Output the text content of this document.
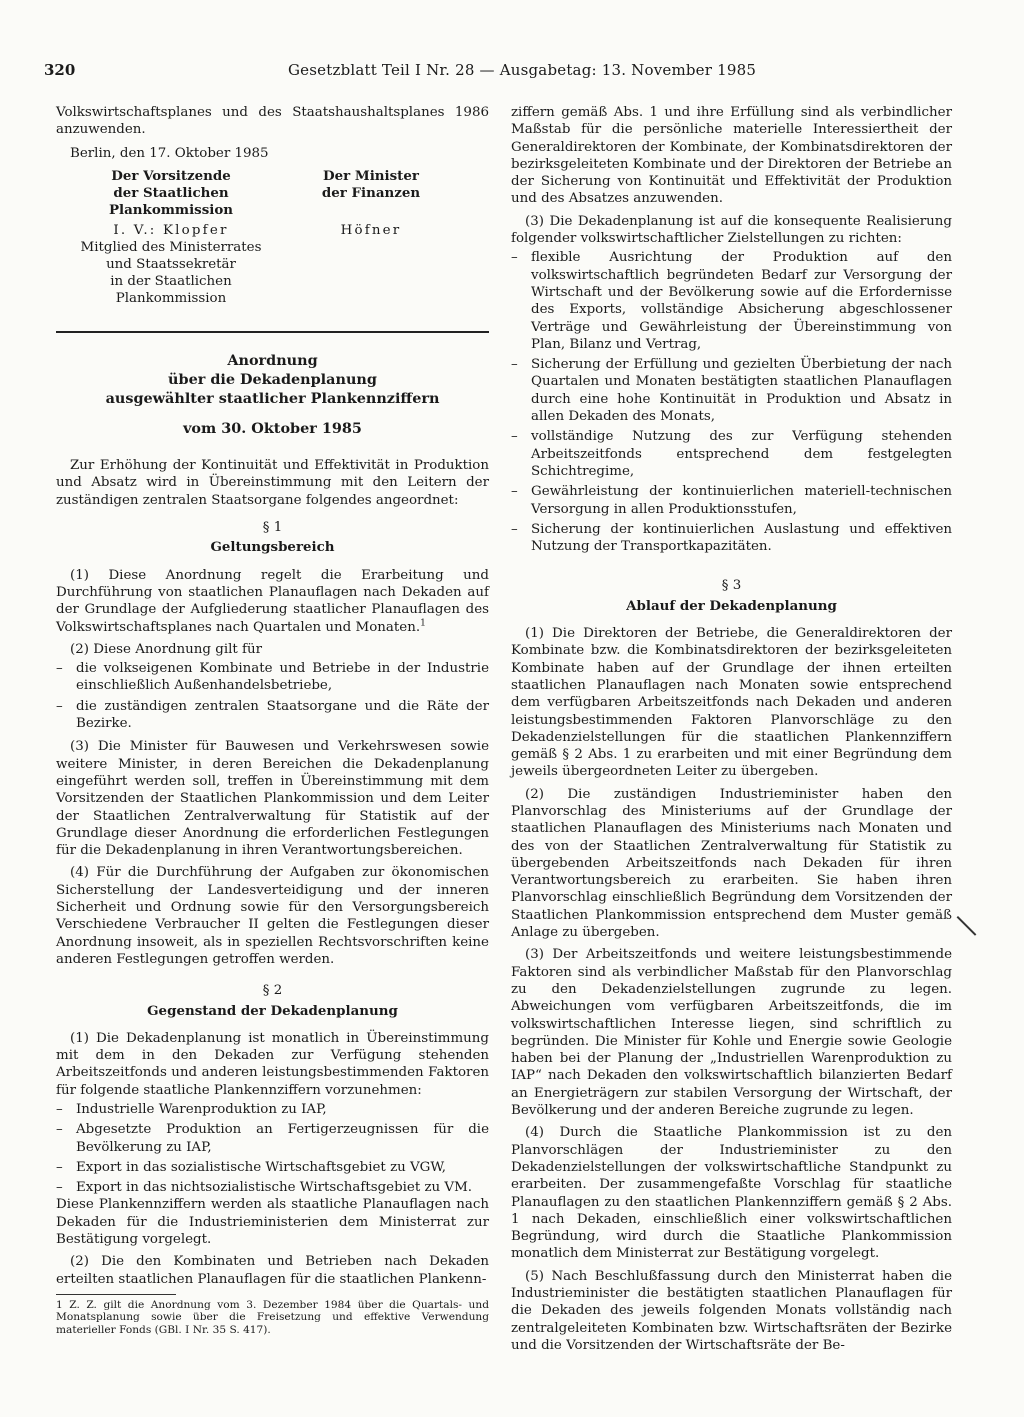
320	Gesetzblatt Teil I Nr. 28 — Ausgabetag: 13. November 1985

Volkswirtschaftsplanes und des Staatshaushaltsplanes 1986 anzuwenden.

Berlin, den 17. Oktober 1985

Der Vorsitzende
der Staatlichen
Plankommission
I. V.: Klopfer
Mitglied des Ministerrates
und Staatssekretär
in der Staatlichen
Plankommission
Der Minister
der Finanzen
Höfner
Anordnung
über die Dekadenplanung
ausgewählter staatlicher Plankennziffern
vom 30. Oktober 1985

Zur Erhöhung der Kontinuität und Effektivität in Produktion und Absatz wird in Übereinstimmung mit den Leitern der zuständigen zentralen Staatsorgane folgendes angeordnet:

§ 1
Geltungsbereich

(1) Diese Anordnung regelt die Erarbeitung und Durchführung von staatlichen Planauflagen nach Dekaden auf der Grundlage der Aufgliederung staatlicher Planauflagen des Volkswirtschaftsplanes nach Quartalen und Monaten.$^1$

(2) Diese Anordnung gilt für

– die volkseigenen Kombinate und Betriebe in der Industrie einschließlich Außenhandelsbetriebe,
– die zuständigen zentralen Staatsorgane und die Räte der Bezirke.

(3) Die Minister für Bauwesen und Verkehrswesen sowie weitere Minister, in deren Bereichen die Dekadenplanung eingeführt werden soll, treffen in Übereinstimmung mit dem Vorsitzenden der Staatlichen Plankommission und dem Leiter der Staatlichen Zentralverwaltung für Statistik auf der Grundlage dieser Anordnung die erforderlichen Festlegungen für die Dekadenplanung in ihren Verantwortungsbereichen.

(4) Für die Durchführung der Aufgaben zur ökonomischen Sicherstellung der Landesverteidigung und der inneren Sicherheit und Ordnung sowie für den Versorgungsbereich Verschiedene Verbraucher II gelten die Festlegungen dieser Anordnung insoweit, als in speziellen Rechtsvorschriften keine anderen Festlegungen getroffen werden.

§ 2
Gegenstand der Dekadenplanung

(1) Die Dekadenplanung ist monatlich in Übereinstimmung mit dem in den Dekaden zur Verfügung stehenden Arbeitszeitfonds und anderen leistungsbestimmenden Faktoren für folgende staatliche Plankennziffern vorzunehmen:

– Industrielle Warenproduktion zu IAP,
– Abgesetzte Produktion an Fertigerzeugnissen für die Bevölkerung zu IAP,
– Export in das sozialistische Wirtschaftsgebiet zu VGW,
– Export in das nichtsozialistische Wirtschaftsgebiet zu VM.

Diese Plankennziffern werden als staatliche Planauflagen nach Dekaden für die Industrieministerien dem Ministerrat zur Bestätigung vorgelegt.

(2) Die den Kombinaten und Betrieben nach Dekaden erteilten staatlichen Planauflagen für die staatlichen Plankenn-

1 Z. Z. gilt die Anordnung vom 3. Dezember 1984 über die Quartals- und Monatsplanung sowie über die Freisetzung und effektive Verwendung materieller Fonds (GBl. I Nr. 35 S. 417).

ziffern gemäß Abs. 1 und ihre Erfüllung sind als verbindlicher Maßstab für die persönliche materielle Interessiertheit der Generaldirektoren der Kombinate, der Kombinatsdirektoren der bezirksgeleiteten Kombinate und der Direktoren der Betriebe an der Sicherung von Kontinuität und Effektivität der Produktion und des Absatzes anzuwenden.

(3) Die Dekadenplanung ist auf die konsequente Realisierung folgender volkswirtschaftlicher Zielstellungen zu richten:

– flexible Ausrichtung der Produktion auf den volkswirtschaftlich begründeten Bedarf zur Versorgung der Wirtschaft und der Bevölkerung sowie auf die Erfordernisse des Exports, vollständige Absicherung abgeschlossener Verträge und Gewährleistung der Übereinstimmung von Plan, Bilanz und Vertrag,
– Sicherung der Erfüllung und gezielten Überbietung der nach Quartalen und Monaten bestätigten staatlichen Planauflagen durch eine hohe Kontinuität in Produktion und Absatz in allen Dekaden des Monats,
– vollständige Nutzung des zur Verfügung stehenden Arbeitszeitfonds entsprechend dem festgelegten Schichtregime,
– Gewährleistung der kontinuierlichen materiell-technischen Versorgung in allen Produktionsstufen,
– Sicherung der kontinuierlichen Auslastung und effektiven Nutzung der Transportkapazitäten.
§ 3
Ablauf der Dekadenplanung

(1) Die Direktoren der Betriebe, die Generaldirektoren der Kombinate bzw. die Kombinatsdirektoren der bezirksgeleiteten Kombinate haben auf der Grundlage der ihnen erteilten staatlichen Planauflagen nach Monaten sowie entsprechend dem verfügbaren Arbeitszeitfonds nach Dekaden und anderen leistungsbestimmenden Faktoren Planvorschläge zu den Dekadenzielstellungen für die staatlichen Plankennziffern gemäß § 2 Abs. 1 zu erarbeiten und mit einer Begründung dem jeweils übergeordneten Leiter zu übergeben.

(2) Die zuständigen Industrieminister haben den Planvorschlag des Ministeriums auf der Grundlage der staatlichen Planauflagen des Ministeriums nach Monaten und des von der Staatlichen Zentralverwaltung für Statistik zu übergebenden Arbeitszeitfonds nach Dekaden für ihren Verantwortungsbereich zu erarbeiten. Sie haben ihren Planvorschlag einschließlich Begründung dem Vorsitzenden der Staatlichen Plankommission entsprechend dem Muster gemäß Anlage zu übergeben.

(3) Der Arbeitszeitfonds und weitere leistungsbestimmende Faktoren sind als verbindlicher Maßstab für den Planvorschlag zu den Dekadenzielstellungen zugrunde zu legen. Abweichungen vom verfügbaren Arbeitszeitfonds, die im volkswirtschaftlichen Interesse liegen, sind schriftlich zu begründen. Die Minister für Kohle und Energie sowie Geologie haben bei der Planung der „Industriellen Warenproduktion zu IAP“ nach Dekaden den volkswirtschaftlich bilanzierten Bedarf an Energieträgern zur stabilen Versorgung der Wirtschaft, der Bevölkerung und der anderen Bereiche zugrunde zu legen.

(4) Durch die Staatliche Plankommission ist zu den Planvorschlägen der Industrieminister zu den Dekadenzielstellungen der volkswirtschaftliche Standpunkt zu erarbeiten. Der zusammengefaßte Vorschlag für staatliche Planauflagen zu den staatlichen Plankennziffern gemäß § 2 Abs. 1 nach Dekaden, einschließlich einer volkswirtschaftlichen Begründung, wird durch die Staatliche Plankommission monatlich dem Ministerrat zur Bestätigung vorgelegt.

(5) Nach Beschlußfassung durch den Ministerrat haben die Industrieminister die bestätigten staatlichen Planauflagen für die Dekaden des jeweils folgenden Monats vollständig nach zentralgeleiteten Kombinaten bzw. Wirtschaftsräten der Bezirke und die Vorsitzenden der Wirtschaftsräte der Be-
